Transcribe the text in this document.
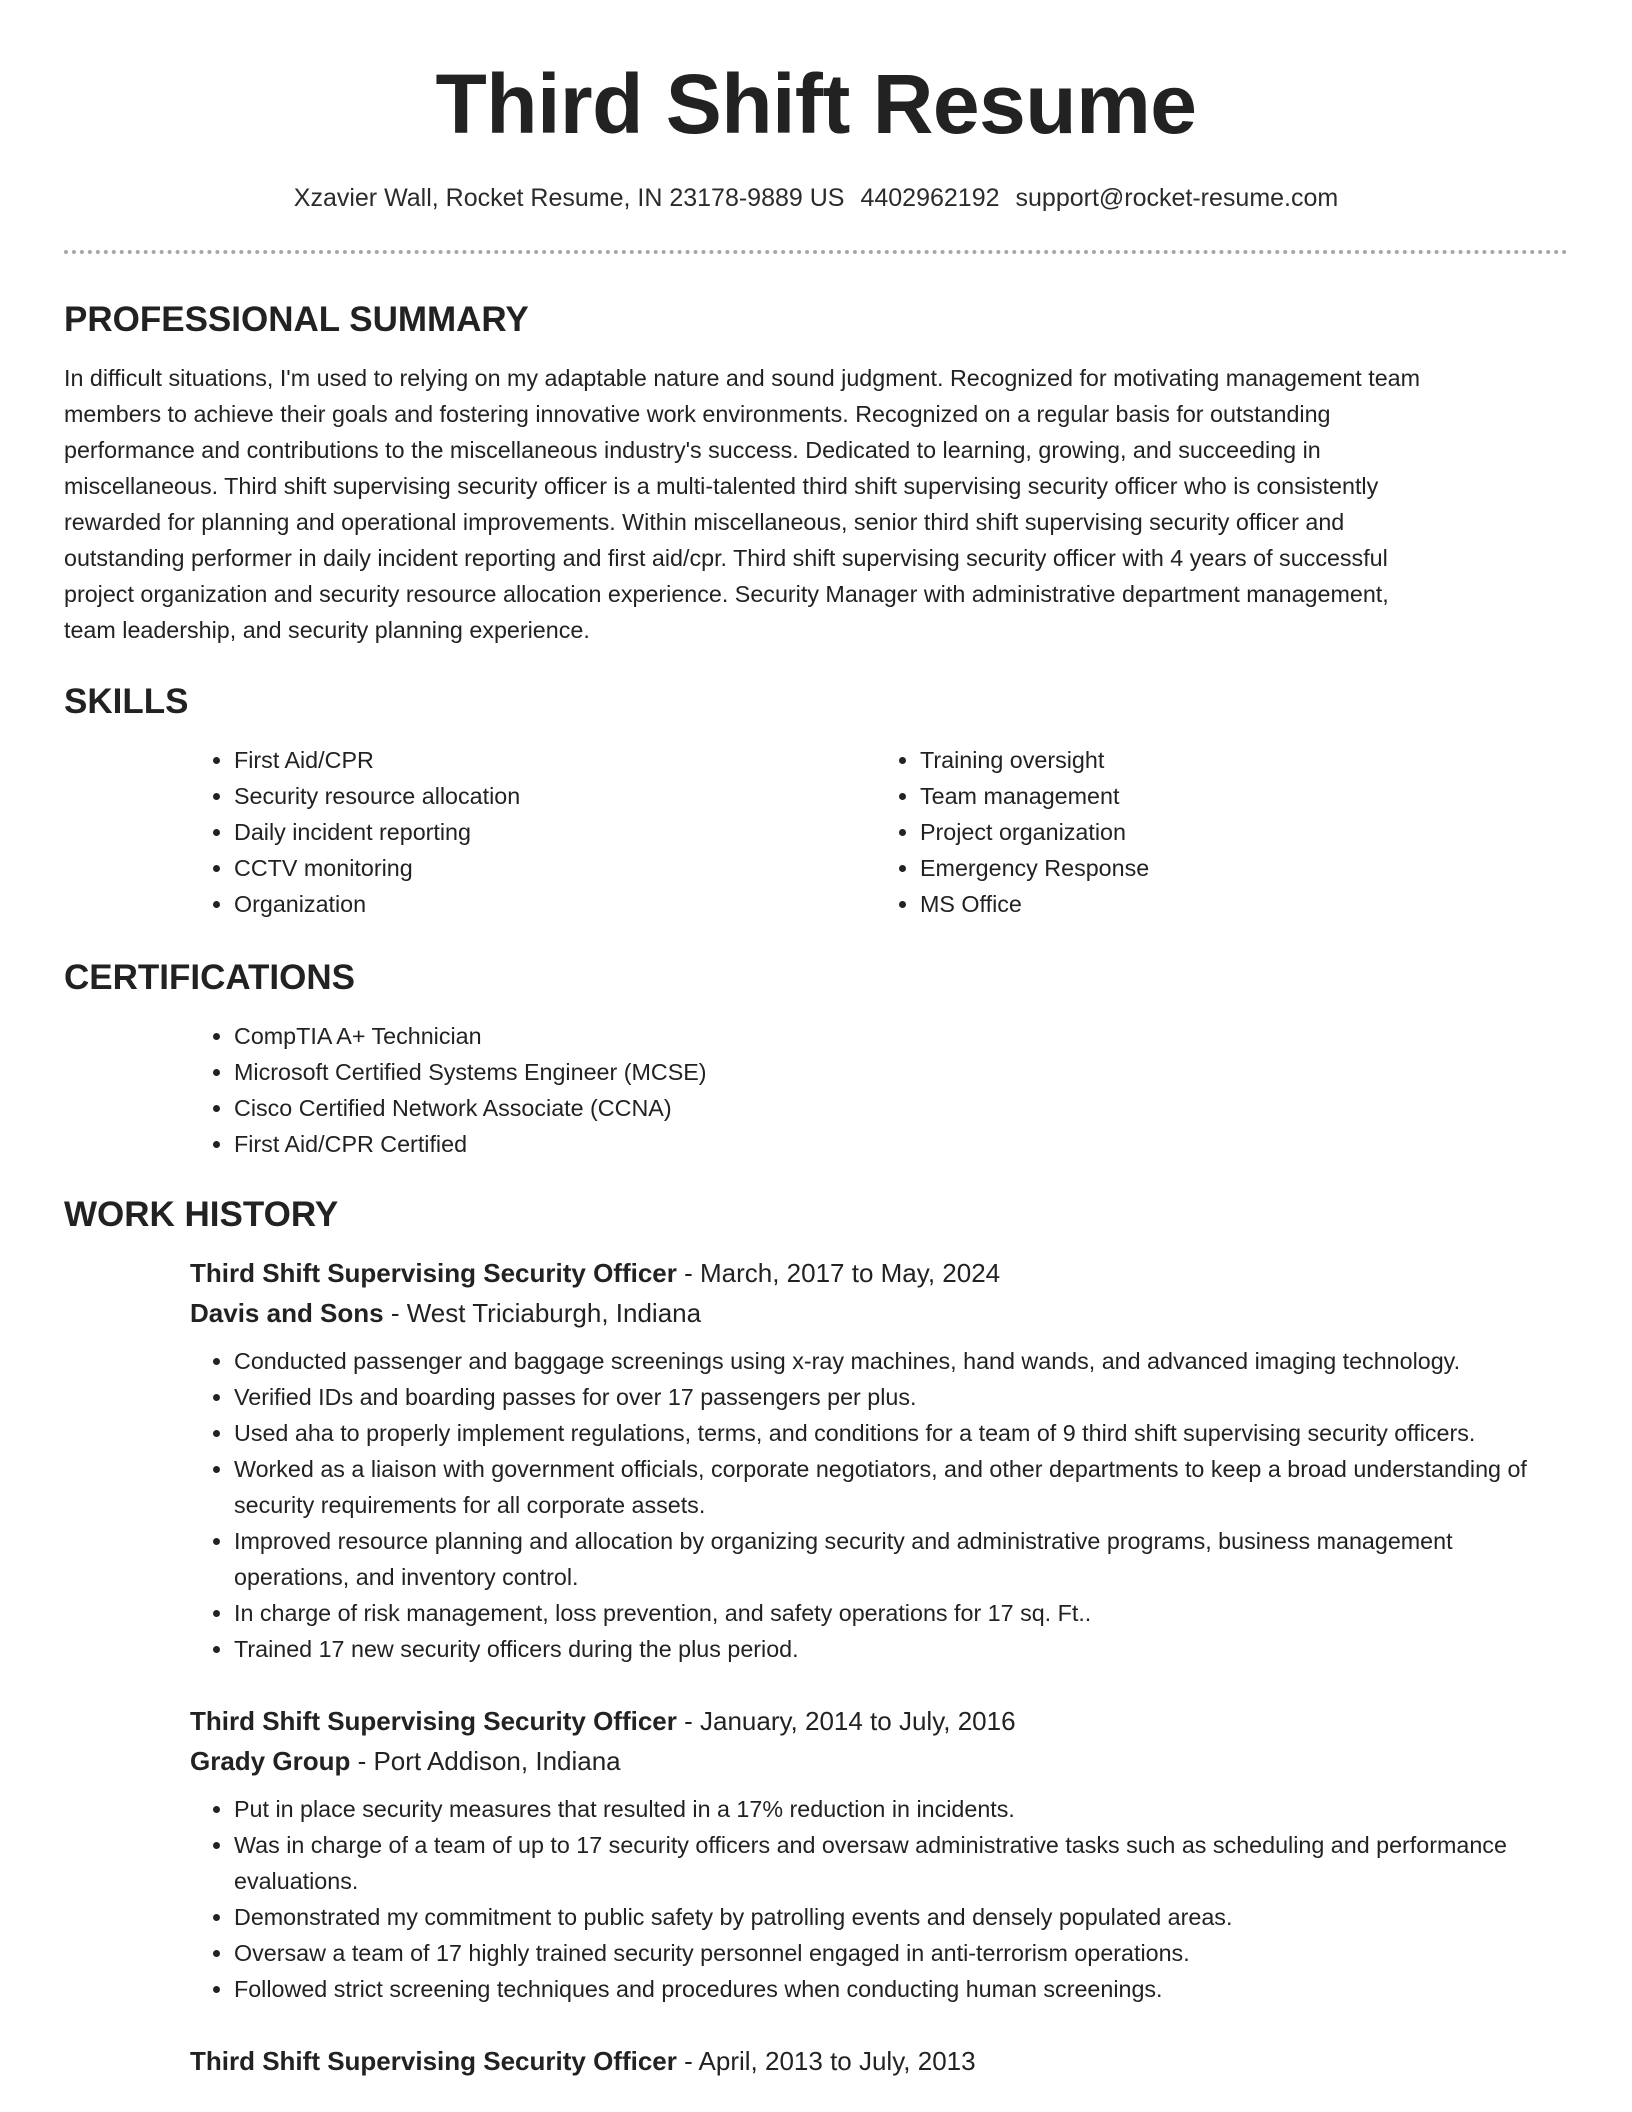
Third Shift Resume
Xzavier Wall, Rocket Resume, IN 23178-9889 US 4402962192 support@rocket-resume.com
PROFESSIONAL SUMMARY

In difficult situations, I'm used to relying on my adaptable nature and sound judgment. Recognized for motivating management team members to achieve their goals and fostering innovative work environments. Recognized on a regular basis for outstanding performance and contributions to the miscellaneous industry's success. Dedicated to learning, growing, and succeeding in miscellaneous. Third shift supervising security officer is a multi-talented third shift supervising security officer who is consistently rewarded for planning and operational improvements. Within miscellaneous, senior third shift supervising security officer and outstanding performer in daily incident reporting and first aid/cpr. Third shift supervising security officer with 4 years of successful project organization and security resource allocation experience. Security Manager with administrative department management, team leadership, and security planning experience.

SKILLS
• First Aid/CPR
• Security resource allocation
• Daily incident reporting
• CCTV monitoring
• Organization
• Training oversight
• Team management
• Project organization
• Emergency Response
• MS Office
CERTIFICATIONS
• CompTIA A+ Technician
• Microsoft Certified Systems Engineer (MCSE)
• Cisco Certified Network Associate (CCNA)
• First Aid/CPR Certified
WORK HISTORY
Third Shift Supervising Security Officer - March, 2017 to May, 2024
Davis and Sons - West Triciaburgh, Indiana
• Conducted passenger and baggage screenings using x-ray machines, hand wands, and advanced imaging technology.
• Verified IDs and boarding passes for over 17 passengers per plus.
• Used aha to properly implement regulations, terms, and conditions for a team of 9 third shift supervising security officers.
• Worked as a liaison with government officials, corporate negotiators, and other departments to keep a broad understanding of security requirements for all corporate assets.
• Improved resource planning and allocation by organizing security and administrative programs, business management operations, and inventory control.
• In charge of risk management, loss prevention, and safety operations for 17 sq. Ft..
• Trained 17 new security officers during the plus period.
Third Shift Supervising Security Officer - January, 2014 to July, 2016
Grady Group - Port Addison, Indiana
• Put in place security measures that resulted in a 17% reduction in incidents.
• Was in charge of a team of up to 17 security officers and oversaw administrative tasks such as scheduling and performance evaluations.
• Demonstrated my commitment to public safety by patrolling events and densely populated areas.
• Oversaw a team of 17 highly trained security personnel engaged in anti-terrorism operations.
• Followed strict screening techniques and procedures when conducting human screenings.
Third Shift Supervising Security Officer - April, 2013 to July, 2013
